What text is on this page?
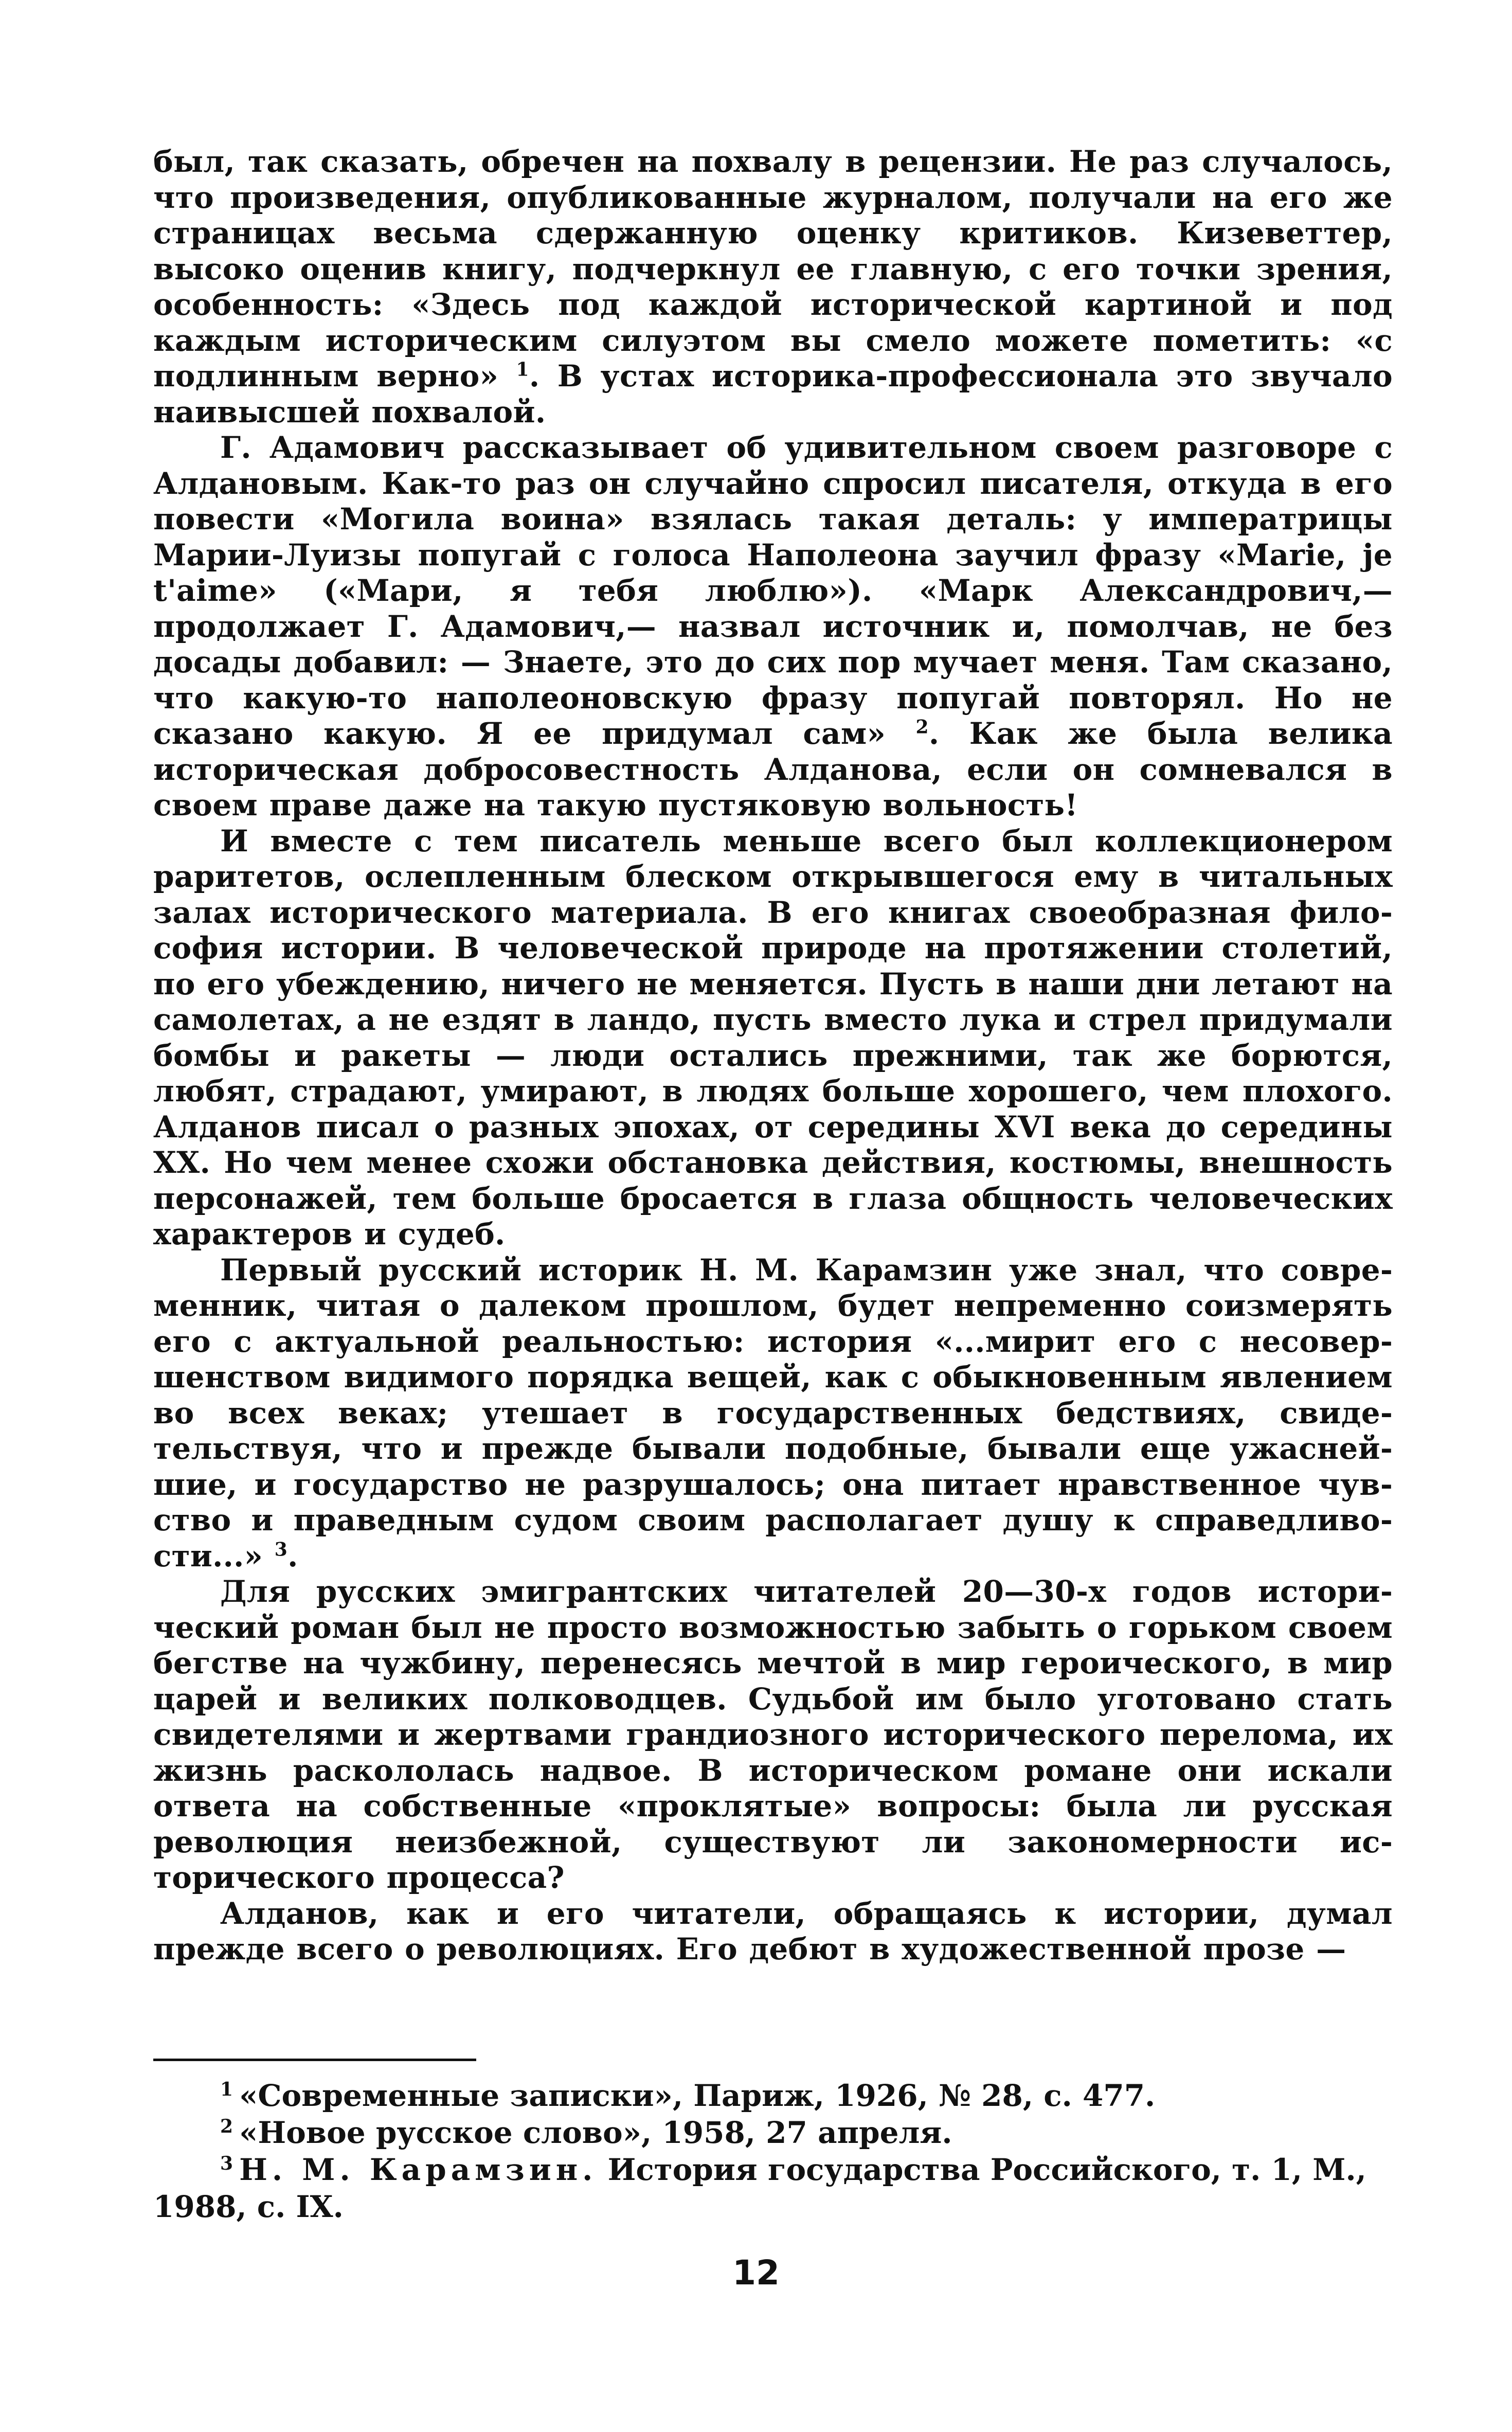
был, так сказать, обречен на похвалу в рецензии. Не раз случалось, что произведения, опубликованные журналом, получали на его же страницах весьма сдержанную оценку критиков. Кизеветтер, высоко оценив книгу, подчеркнул ее главную, с его точки зрения, особенность: «Здесь под каждой исторической картиной и под каждым историческим силуэтом вы смело можете пометить: «с подлинным верно» $^1$. В устах историка-профессионала это звучало наивысшей похвалой.

Г. Адамович рассказывает об удивительном своем разговоре с Алдановым. Как-то раз он случайно спросил писателя, откуда в его повести «Могила воина» взялась такая деталь: у императрицы Марии-Луизы попугай с голоса Наполеона заучил фразу «Marie, je t'aime» («Мари, я тебя люблю»). «Марк Александрович,— продолжает Г. Адамович,— назвал источник и, помолчав, не без досады добавил: — Знаете, это до сих пор мучает меня. Там сказано, что какую-то наполеоновскую фразу попугай повторял. Но не сказано какую. Я ее придумал сам» $^2$. Как же была велика историческая добросовестность Алданова, если он сомневался в своем праве даже на такую пустяковую вольность!

И вместе с тем писатель меньше всего был коллекционером раритетов, ослепленным блеском открывшегося ему в читальных залах исторического материала. В его книгах своеобразная философия истории. В человеческой природе на протяжении столетий, по его убеждению, ничего не меняется. Пусть в наши дни летают на самолетах, а не ездят в ландо, пусть вместо лука и стрел придумали бомбы и ракеты — люди остались прежними, так же борются, любят, страдают, умирают, в людях больше хорошего, чем плохого. Алданов писал о разных эпохах, от середины XVI века до середины XX. Но чем менее схожи обстановка действия, костюмы, внешность персонажей, тем больше бросается в глаза общность человеческих характеров и судеб.

Первый русский историк Н. М. Карамзин уже знал, что современник, читая о далеком прошлом, будет непременно соизмерять его с актуальной реальностью: история «...мирит его с несовершенством видимого порядка вещей, как с обыкновенным явлением во всех веках; утешает в государственных бедствиях, свидетельствуя, что и прежде бывали подобные, бывали еще ужаснейшие, и государство не разрушалось; она питает нравственное чувство и праведным судом своим располагает душу к справедливости...» $^3$.

Для русских эмигрантских читателей 20—30-х годов исторический роман был не просто возможностью забыть о горьком своем бегстве на чужбину, перенесясь мечтой в мир героического, в мир царей и великих полководцев. Судьбой им было уготовано стать свидетелями и жертвами грандиозного исторического перелома, их жизнь раскололась надвое. В историческом романе они искали ответа на собственные «проклятые» вопросы: была ли русская революция неизбежной, существуют ли закономерности исторического процесса?

Алданов, как и его читатели, обращаясь к истории, думал прежде всего о революциях. Его дебют в художественной прозе —

$^1$ «Современные записки», Париж, 1926, № 28, с. 477.

$^2$ «Новое русское слово», 1958, 27 апреля.

$^3$ Н. М. Карамзин. История государства Российского, т. 1, М., 1988, с. IX.

12
